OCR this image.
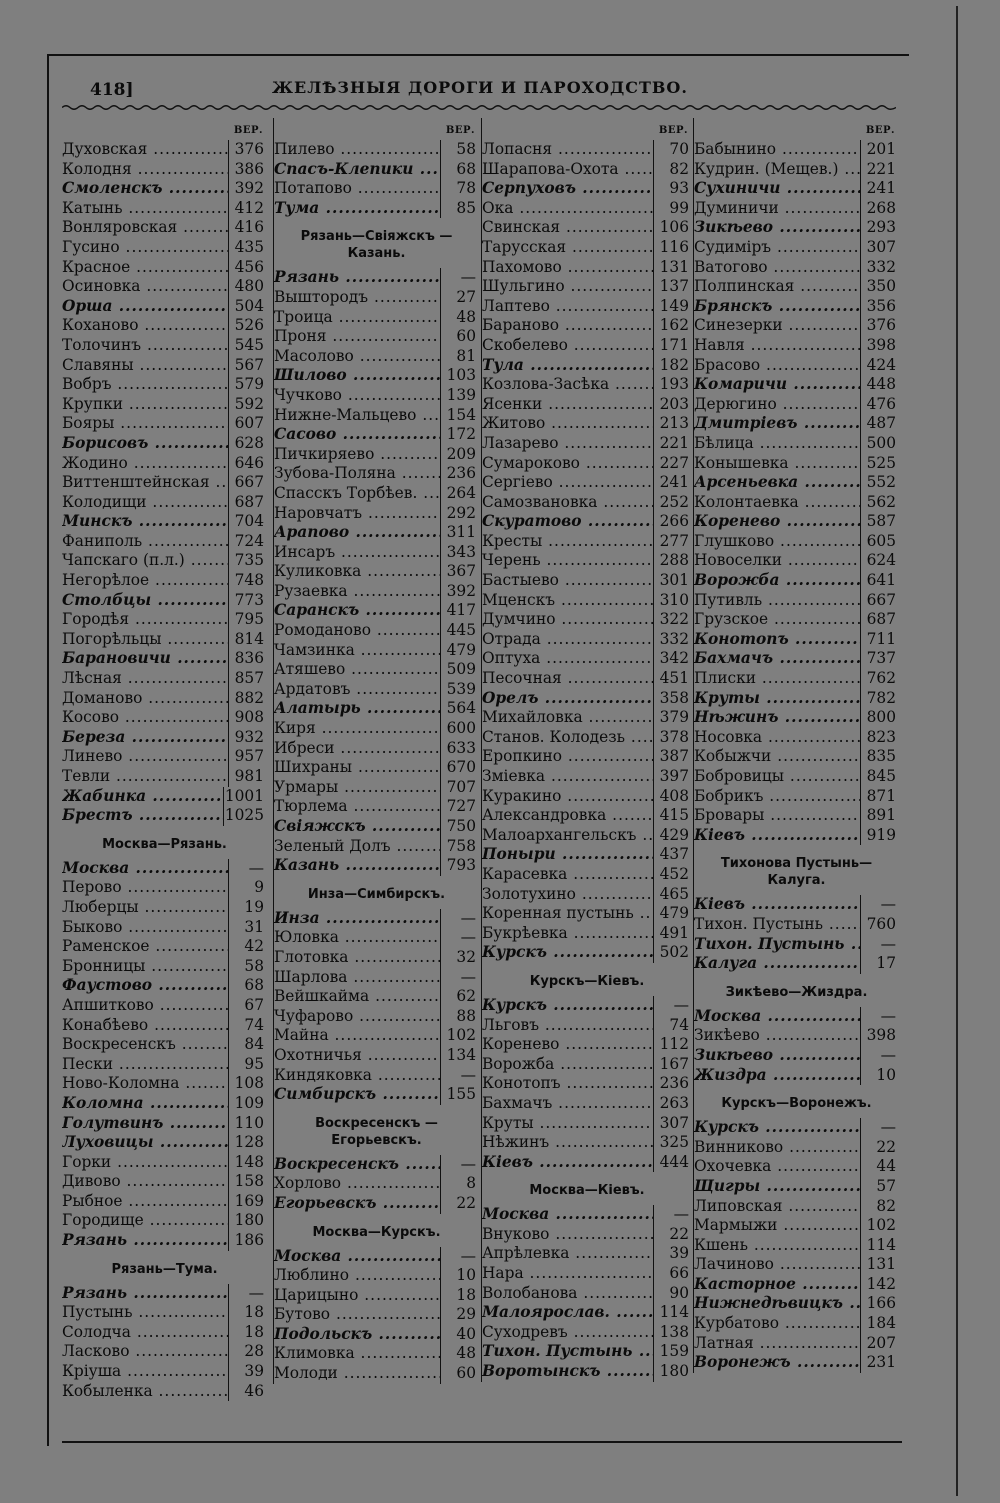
418]	ЖЕЛѢЗНЫЯ ДОРОГИ И ПАРОХОДСТВО.
ВЕР.
Духовская .....	376
Колодня .....	386
Смоленскъ .....	392
Катынь .....	412
Вонляровская .....	416
Гусино .....	435
Красное .....	456
Осиновка .....	480
Орша .....	504
Коханово .....	526
Толочинъ .....	545
Славяны .....	567
Вобръ .....	579
Крупки .....	592
Бояры .....	607
Борисовъ .....	628
Жодино .....	646
Виттенштейнская .....	667
Колодищи .....	687
Минскъ .....	704
Фаниполь .....	724
Чапскаго (п.л.) .....	735
Негорѣлое .....	748
Столбцы .....	773
Городѣя .....	795
Погорѣльцы .....	814
Барановичи .....	836
Лѣсная .....	857
Доманово .....	882
Косово .....	908
Береза .....	932
Линево .....	957
Тевли .....	981
Жабинка .....	1001
Брестъ .....	1025
Москва—Рязань.
Москва .....	—
Перово .....	9
Люберцы .....	19
Быково .....	31
Раменское .....	42
Бронницы .....	58
Фаустово .....	68
Апшитково .....	67
Конабѣево .....	74
Воскресенскъ .....	84
Пески .....	95
Ново-Коломна .....	108
Коломна .....	109
Голутвинъ .....	110
Луховицы .....	128
Горки .....	148
Дивово .....	158
Рыбное .....	169
Городище .....	180
Рязань .....	186
Рязань—Тума.
Рязань .....	—
Пустынь .....	18
Солодча .....	18
Ласково .....	28
Кріуша .....	39
Кобыленка .....	46
ВЕР.
Пилево .....	58
Спасъ-Клепики .....	68
Потапово .....	78
Тума .....	85
Рязань—Свіяжскъ — Казань.
Рязань .....	—
Выштородъ .....	27
Троица .....	48
Проня .....	60
Масолово .....	81
Шилово .....	103
Чучково .....	139
Нижне-Мальцево .....	154
Сасово .....	172
Пичкиряево .....	209
Зубова-Поляна .....	236
Спасскъ Торбѣев. .....	264
Наровчатъ .....	292
Арапово .....	311
Инсаръ .....	343
Куликовка .....	367
Рузаевка .....	392
Саранскъ .....	417
Ромоданово .....	445
Чамзинка .....	479
Атяшево .....	509
Ардатовъ .....	539
Алатырь .....	564
Киря .....	600
Ибреси .....	633
Шихраны .....	670
Урмары .....	707
Тюрлема .....	727
Свіяжскъ .....	750
Зеленый Долъ .....	758
Казань .....	793
Инза—Симбирскъ.
Инза .....	—
Юловка .....	—
Глотовка .....	32
Шарлова .....	—
Вейшкайма .....	62
Чуфарово .....	88
Майна .....	102
Охотничья .....	134
Киндяковка .....	—
Симбирскъ .....	155
Воскресенскъ — Егорьевскъ.
Воскресенскъ .....	—
Хорлово .....	8
Егорьевскъ .....	22
Москва—Курскъ.
Москва .....	—
Люблино .....	10
Царицыно .....	18
Бутово .....	29
Подольскъ .....	40
Климовка .....	48
Молоди .....	60
ВЕР.
Лопасня .....	70
Шарапова-Охота .....	82
Серпуховъ .....	93
Ока .....	99
Свинская .....	106
Тарусская .....	116
Пахомово .....	131
Шульгино .....	137
Лаптево .....	149
Бараново .....	162
Скобелево .....	171
Тула .....	182
Козлова-Засѣка .....	193
Ясенки .....	203
Житово .....	213
Лазарево .....	221
Сумароково .....	227
Сергіево .....	241
Самозвановка .....	252
Скуратово .....	266
Кресты .....	277
Черень .....	288
Бастыево .....	301
Мценскъ .....	310
Думчино .....	322
Отрада .....	332
Оптуха .....	342
Песочная .....	451
Орелъ .....	358
Михайловка .....	379
Станов. Колодезь .....	378
Еропкино .....	387
Зміевка .....	397
Куракино .....	408
Александровка .....	415
Малоархангельскъ .....	429
Поныри .....	437
Карасевка .....	452
Золотухино .....	465
Коренная пустынь .....	479
Букрѣевка .....	491
Курскъ .....	502
Курскъ—Кіевъ.
Курскъ .....	—
Льговъ .....	74
Коренево .....	112
Ворожба .....	167
Конотопъ .....	236
Бахмачъ .....	263
Круты .....	307
Нѣжинъ .....	325
Кіевъ .....	444
Москва—Кіевъ.
Москва .....	—
Внуково .....	22
Апрѣлевка .....	39
Нара .....	66
Волобанова .....	90
Малоярослав. .....	114
Суходревъ .....	138
Тихон. Пустынь .....	159
Воротынскъ .....	180
ВЕР.
Бабынино .....	201
Кудрин. (Мещев.) .....	221
Сухиничи .....	241
Думиничи .....	268
Зикѣево .....	293
Судиміръ .....	307
Ватогово .....	332
Полпинская .....	350
Брянскъ .....	356
Синезерки .....	376
Навля .....	398
Брасово .....	424
Комаричи .....	448
Дерюгино .....	476
Дмитріевъ .....	487
Бѣлица .....	500
Конышевка .....	525
Арсеньевка .....	552
Колонтаевка .....	562
Коренево .....	587
Глушково .....	605
Новоселки .....	624
Ворожба .....	641
Путивль .....	667
Грузское .....	687
Конотопъ .....	711
Бахмачъ .....	737
Плиски .....	762
Круты .....	782
Нѣжинъ .....	800
Носовка .....	823
Кобыжчи .....	835
Бобровицы .....	845
Бобрикъ .....	871
Бровары .....	891
Кіевъ .....	919
Тихонова Пустынь— Калуга.
Кіевъ .....	—
Тихон. Пустынь .....	760
Тихон. Пустынь .....	—
Калуга .....	17
Зикѣево—Жиздра.
Москва .....	—
Зикѣево .....	398
Зикѣево .....	—
Жиздра .....	10
Курскъ—Воронежъ.
Курскъ .....	—
Винниково .....	22
Охочевка .....	44
Щигры .....	57
Липовская .....	82
Мармыжи .....	102
Кшень .....	114
Лачиново .....	131
Касторное .....	142
Нижнедѣвицкъ .....	166
Курбатово .....	184
Латная .....	207
Воронежъ .....	231
